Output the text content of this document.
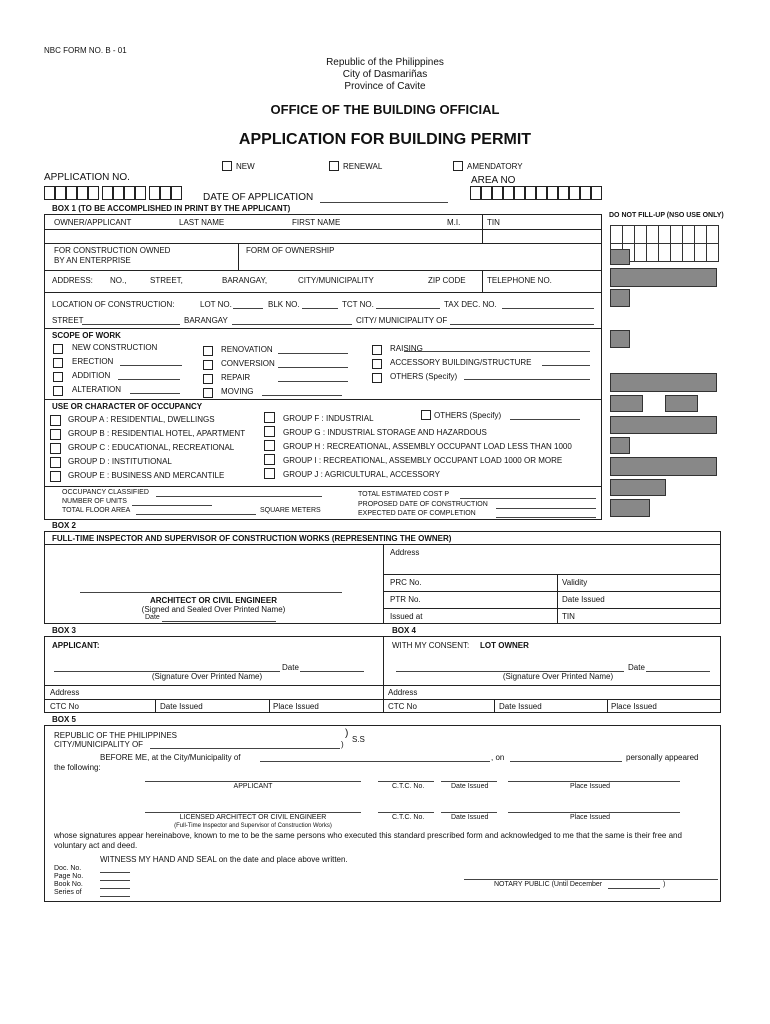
NBC FORM NO. B - 01
Republic of the Philippines
City of Dasmariñas
Province of Cavite
OFFICE OF THE BUILDING OFFICIAL
APPLICATION FOR BUILDING PERMIT
NEW	RENEWAL	AMENDATORY
APPLICATION NO.	AREA NO
DATE OF APPLICATION
BOX 1 (TO BE ACCOMPLISHED IN PRINT BY THE APPLICANT)
DO NOT FILL-UP (NSO USE ONLY)
OWNER/APPLICANT	LAST NAME	FIRST NAME	M.I.	TIN
FOR CONSTRUCTION OWNED
BY AN ENTERPRISE
FORM OF OWNERSHIP
ADDRESS: NO.,	STREET,	BARANGAY,	CITY/MUNICIPALITY	ZIP CODE	TELEPHONE NO.
LOCATION OF CONSTRUCTION:	LOT NO.	BLK NO.	TCT NO.	TAX DEC. NO.
STREET	BARANGAY	CITY/ MUNICIPALITY OF
SCOPE OF WORK
NEW CONSTRUCTION
ERECTION
ADDITION
ALTERATION
RENOVATION
CONVERSION
REPAIR
MOVING
RAISING
ACCESSORY BUILDING/STRUCTURE
OTHERS (Specify)
USE OR CHARACTER OF OCCUPANCY
GROUP A : RESIDENTIAL, DWELLINGS
GROUP B : RESIDENTIAL HOTEL, APARTMENT
GROUP C : EDUCATIONAL, RECREATIONAL
GROUP D : INSTITUTIONAL
GROUP E : BUSINESS AND MERCANTILE
GROUP F : INDUSTRIAL
GROUP G : INDUSTRIAL STORAGE AND HAZARDOUS
GROUP H : RECREATIONAL, ASSEMBLY OCCUPANT LOAD LESS THAN 1000
GROUP I : RECREATIONAL, ASSEMBLY OCCUPANT LOAD 1000 OR MORE
GROUP J : AGRICULTURAL, ACCESSORY
OTHERS (Specify)
OCCUPANCY CLASSIFIED
NUMBER OF UNITS
TOTAL FLOOR AREA	SQUARE METERS
TOTAL ESTIMATED COST P
PROPOSED DATE OF CONSTRUCTION
EXPECTED DATE OF COMPLETION
BOX 2
FULL-TIME INSPECTOR AND SUPERVISOR OF CONSTRUCTION WORKS (REPRESENTING THE OWNER)
Address
PRC No.	Validity
PTR No.	Date Issued
Issued at	TIN
ARCHITECT OR CIVIL ENGINEER
(Signed and Sealed Over Printed Name)
Date
BOX 3	BOX 4
APPLICANT:
Date
(Signature Over Printed Name)
Address
CTC No	Date Issued	Place Issued
WITH MY CONSENT: LOT OWNER
Date
(Signature Over Printed Name)
Address
CTC No	Date Issued	Place Issued
BOX 5
REPUBLIC OF THE PHILIPPINES	)
S.S
CITY/MUNICIPALITY OF	)
BEFORE ME, at the City/Municipality of	, on	personally appeared
the following:
APPLICANT	C.T.C. No.	Date Issued	Place Issued
LICENSED ARCHITECT OR CIVIL ENGINEER
(Full-Time Inspector and Supervisor of Construction Works)
C.T.C. No.	Date Issued	Place Issued
whose signatures appear hereinabove, known to me to be the same persons who executed this standard prescribed form and acknowledged to me that the same is their free and
voluntary act and deed.
WITNESS MY HAND AND SEAL on the date and place above written.
Doc. No.
Page No.
Book No.
Series of
NOTARY PUBLIC (Until December	)
